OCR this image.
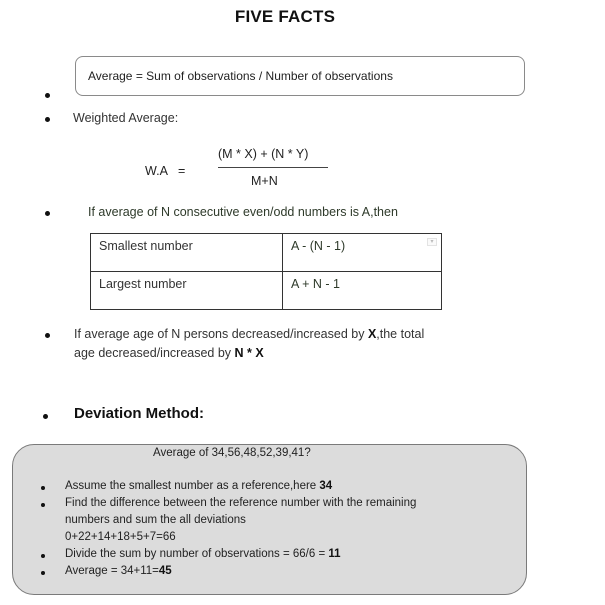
FIVE FACTS
Average = Sum of observations / Number of observations
Weighted Average:
W.A =
(M * X) + (N * Y)
M+N
If average of N consecutive even/odd numbers is A,then
Smallest number	A - (N - 1) ▾

Largest number	A + N - 1
If average age of N persons decreased/increased by X,the total
age decreased/increased by N * X
Deviation Method:
Average of 34,56,48,52,39,41?
Assume the smallest number as a reference,here 34
Find the difference between the reference number with the remaining
numbers and sum the all deviations
0+22+14+18+5+7=66
Divide the sum by number of observations = 66/6 = 11
Average = 34+11=45
